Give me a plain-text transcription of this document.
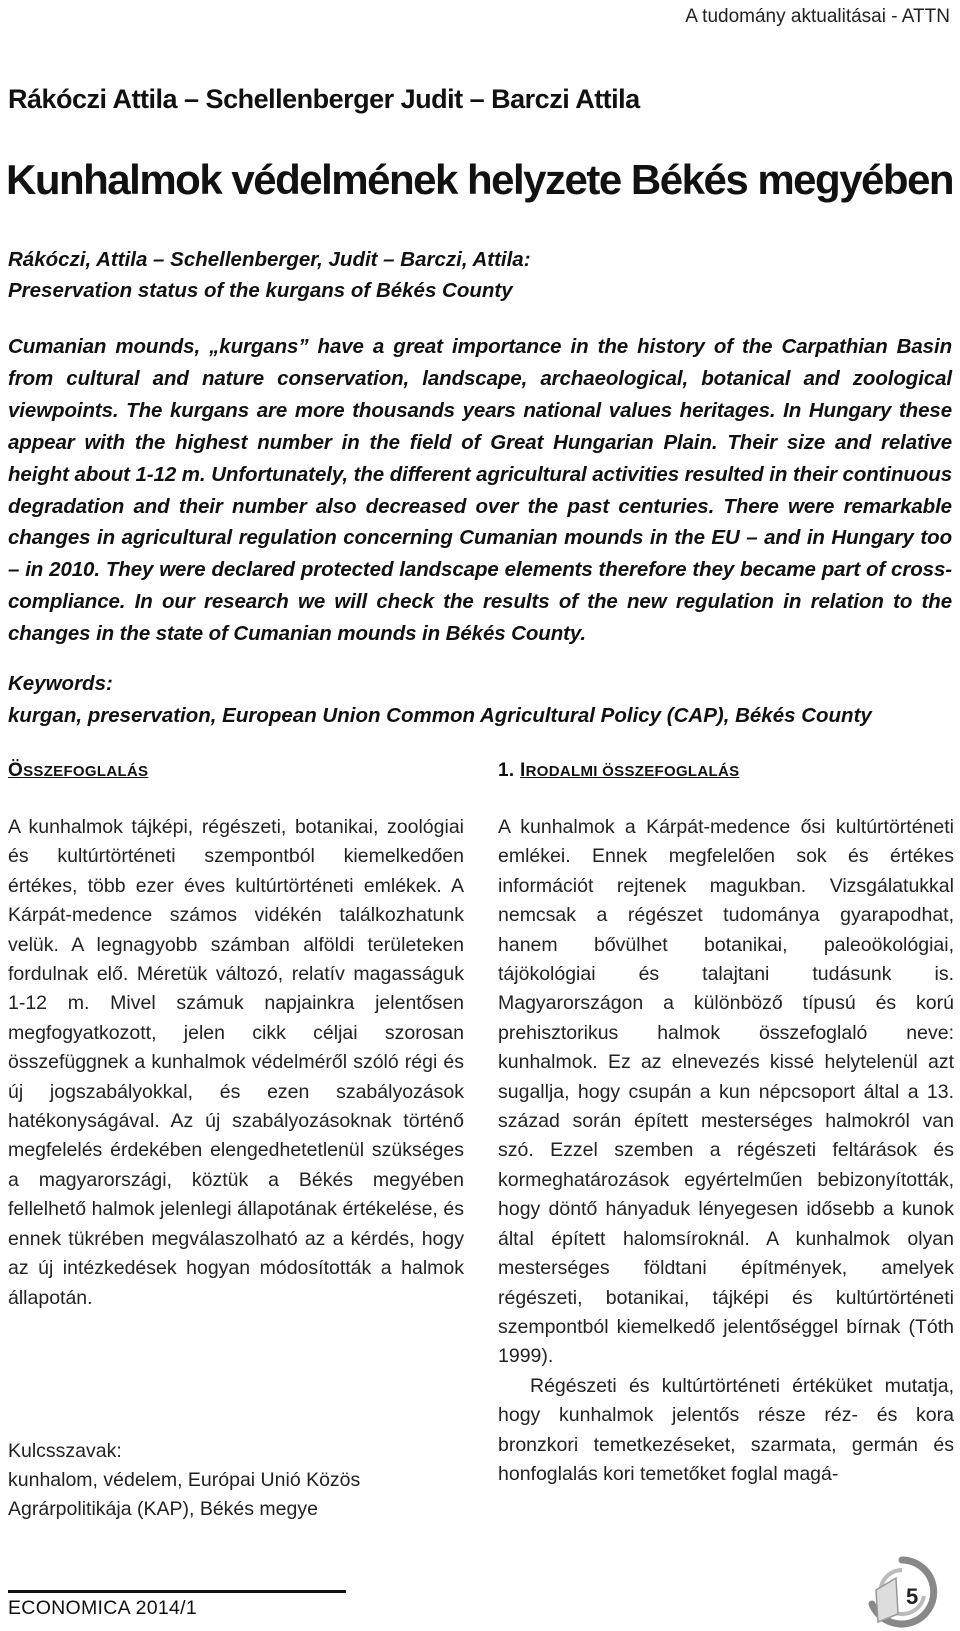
A tudomány aktualitásai - ATTN
Rákóczi Attila – Schellenberger Judit – Barczi Attila
Kunhalmok védelmének helyzete Békés megyében
Rákóczi, Attila – Schellenberger, Judit – Barczi, Attila:
Preservation status of the kurgans of Békés County

Cumanian mounds, „kurgans” have a great importance in the history of the Carpathian Basin from cultural and nature conservation, landscape, archaeological, botanical and zoological viewpoints. The kurgans are more thousands years national values heritages. In Hungary these appear with the highest number in the field of Great Hungarian Plain. Their size and relative height about 1-12 m. Unfortunately, the different agricultural activities resulted in their continuous degradation and their number also decreased over the past centuries. There were remarkable changes in agricultural regulation concerning Cumanian mounds in the EU – and in Hungary too – in 2010. They were declared protected landscape elements therefore they became part of cross-compliance. In our research we will check the results of the new regulation in relation to the changes in the state of Cumanian mounds in Békés County.

Keywords:
kurgan, preservation, European Union Common Agricultural Policy (CAP), Békés County
ÖSSZEFOGLALÁS
A kunhalmok tájképi, régészeti, botanikai, zoológiai és kultúrtörténeti szempontból kiemelkedően értékes, több ezer éves kultúrtörténeti emlékek. A Kárpát-medence számos vidékén találkozhatunk velük. A legnagyobb számban alföldi területeken fordulnak elő. Méretük változó, relatív magasságuk 1-12 m. Mivel számuk napjainkra jelentősen megfogyatkozott, jelen cikk céljai szorosan összefüggnek a kunhalmok védelméről szóló régi és új jogszabályokkal, és ezen szabályozások hatékonyságával. Az új szabályozásoknak történő megfelelés érdekében elengedhetetlenül szükséges a magyarországi, köztük a Békés megyében fellelhető halmok jelenlegi állapotának értékelése, és ennek tükrében megválaszolható az a kérdés, hogy az új intézkedések hogyan módosították a halmok állapotán.
Kulcsszavak:
kunhalom, védelem, Európai Unió Közös Agrárpolitikája (KAP), Békés megye
1. IRODALMI ÖSSZEFOGLALÁS

A kunhalmok a Kárpát-medence ősi kultúrtörténeti emlékei. Ennek megfelelően sok és értékes információt rejtenek magukban. Vizsgálatukkal nemcsak a régészet tudománya gyarapodhat, hanem bővülhet botanikai, paleoökológiai, tájökológiai és talajtani tudásunk is. Magyarországon a különböző típusú és korú prehisztorikus halmok összefoglaló neve: kunhalmok. Ez az elnevezés kissé helytelenül azt sugallja, hogy csupán a kun népcsoport által a 13. század során épített mesterséges halmokról van szó. Ezzel szemben a régészeti feltárások és kormeghatározások egyértelműen bebizonyították, hogy döntő hányaduk lényegesen idősebb a kunok által épített halomsíroknál. A kunhalmok olyan mesterséges földtani építmények, amelyek régészeti, botanikai, tájképi és kultúrtörténeti szempontból kiemelkedő jelentőséggel bírnak (Tóth 1999).

Régészeti és kultúrtörténeti értéküket mutatja, hogy kunhalmok jelentős része réz- és kora bronzkori temetkezéseket, szarmata, germán és honfoglalás kori temetőket foglal magá-

ECONOMICA 2014/1	5
